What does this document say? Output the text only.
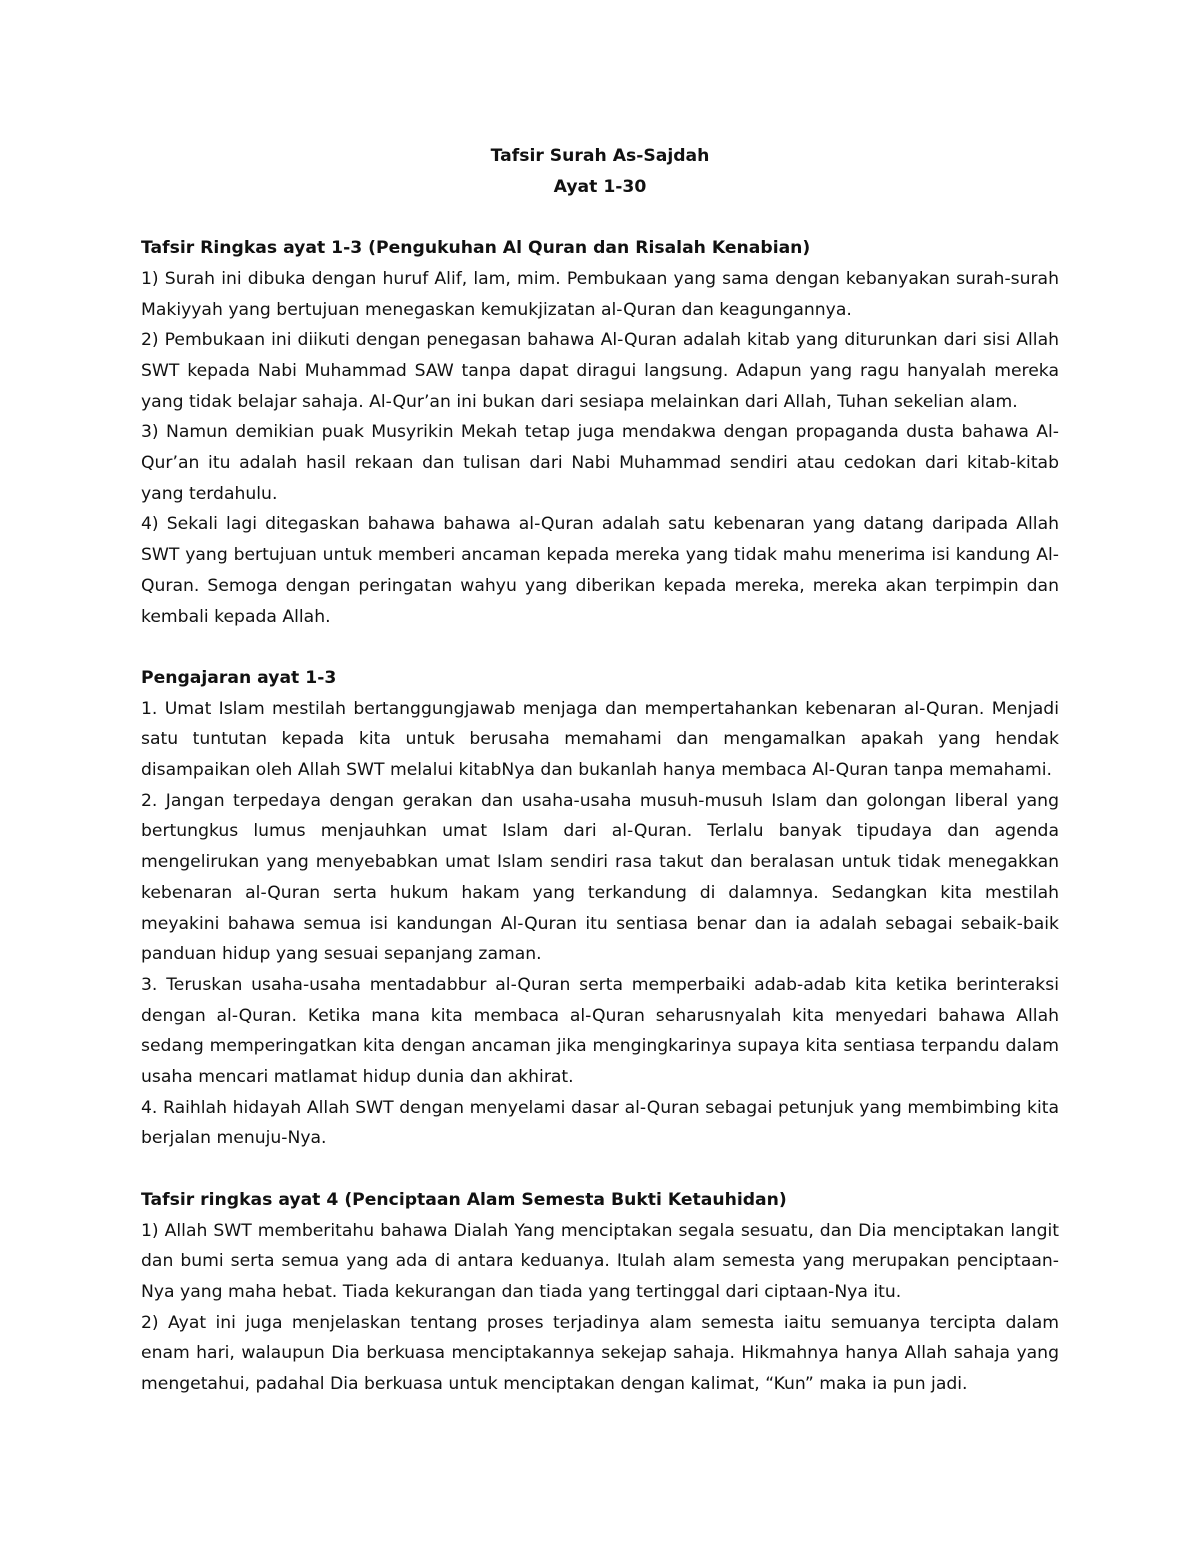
Tafsir Surah As-Sajdah
Ayat 1-30

Tafsir Ringkas ayat 1-3 (Pengukuhan Al Quran dan Risalah Kenabian)

1) Surah ini dibuka dengan huruf Alif, lam, mim. Pembukaan yang sama dengan kebanyakan surah-surah Makiyyah yang bertujuan menegaskan kemukjizatan al-Quran dan keagungannya.

2) Pembukaan ini diikuti dengan penegasan bahawa Al-Quran adalah kitab yang diturunkan dari sisi Allah SWT kepada Nabi Muhammad SAW tanpa dapat diragui langsung. Adapun yang ragu hanyalah mereka yang tidak belajar sahaja. Al-Qur’an ini bukan dari sesiapa melainkan dari Allah, Tuhan sekelian alam.

3) Namun demikian puak Musyrikin Mekah tetap juga mendakwa dengan propaganda dusta bahawa Al-Qur’an itu adalah hasil rekaan dan tulisan dari Nabi Muhammad sendiri atau cedokan dari kitab-kitab yang terdahulu.

4) Sekali lagi ditegaskan bahawa bahawa al-Quran adalah satu kebenaran yang datang daripada Allah SWT yang bertujuan untuk memberi ancaman kepada mereka yang tidak mahu menerima isi kandung Al-Quran. Semoga dengan peringatan wahyu yang diberikan kepada mereka, mereka akan terpimpin dan kembali kepada Allah.

Pengajaran ayat 1-3

1. Umat Islam mestilah bertanggungjawab menjaga dan mempertahankan kebenaran al-Quran. Menjadi satu tuntutan kepada kita untuk berusaha memahami dan mengamalkan apakah yang hendak disampaikan oleh Allah SWT melalui kitabNya dan bukanlah hanya membaca Al-Quran tanpa memahami.

2. Jangan terpedaya dengan gerakan dan usaha-usaha musuh-musuh Islam dan golongan liberal yang bertungkus lumus menjauhkan umat Islam dari al-Quran. Terlalu banyak tipudaya dan agenda mengelirukan yang menyebabkan umat Islam sendiri rasa takut dan beralasan untuk tidak menegakkan kebenaran al-Quran serta hukum hakam yang terkandung di dalamnya. Sedangkan kita mestilah meyakini bahawa semua isi kandungan Al-Quran itu sentiasa benar dan ia adalah sebagai sebaik-baik panduan hidup yang sesuai sepanjang zaman.

3. Teruskan usaha-usaha mentadabbur al-Quran serta memperbaiki adab-adab kita ketika berinteraksi dengan al-Quran. Ketika mana kita membaca al-Quran seharusnyalah kita menyedari bahawa Allah sedang memperingatkan kita dengan ancaman jika mengingkarinya supaya kita sentiasa terpandu dalam usaha mencari matlamat hidup dunia dan akhirat.

4. Raihlah hidayah Allah SWT dengan menyelami dasar al-Quran sebagai petunjuk yang membimbing kita berjalan menuju-Nya.

Tafsir ringkas ayat 4 (Penciptaan Alam Semesta Bukti Ketauhidan)

1) Allah SWT memberitahu bahawa Dialah Yang menciptakan segala sesuatu, dan Dia menciptakan langit dan bumi serta semua yang ada di antara keduanya. Itulah alam semesta yang merupakan penciptaan-Nya yang maha hebat. Tiada kekurangan dan tiada yang tertinggal dari ciptaan-Nya itu.

2) Ayat ini juga menjelaskan tentang proses terjadinya alam semesta iaitu semuanya tercipta dalam enam hari, walaupun Dia berkuasa menciptakannya sekejap sahaja. Hikmahnya hanya Allah sahaja yang mengetahui, padahal Dia berkuasa untuk menciptakan dengan kalimat, “Kun” maka ia pun jadi.
